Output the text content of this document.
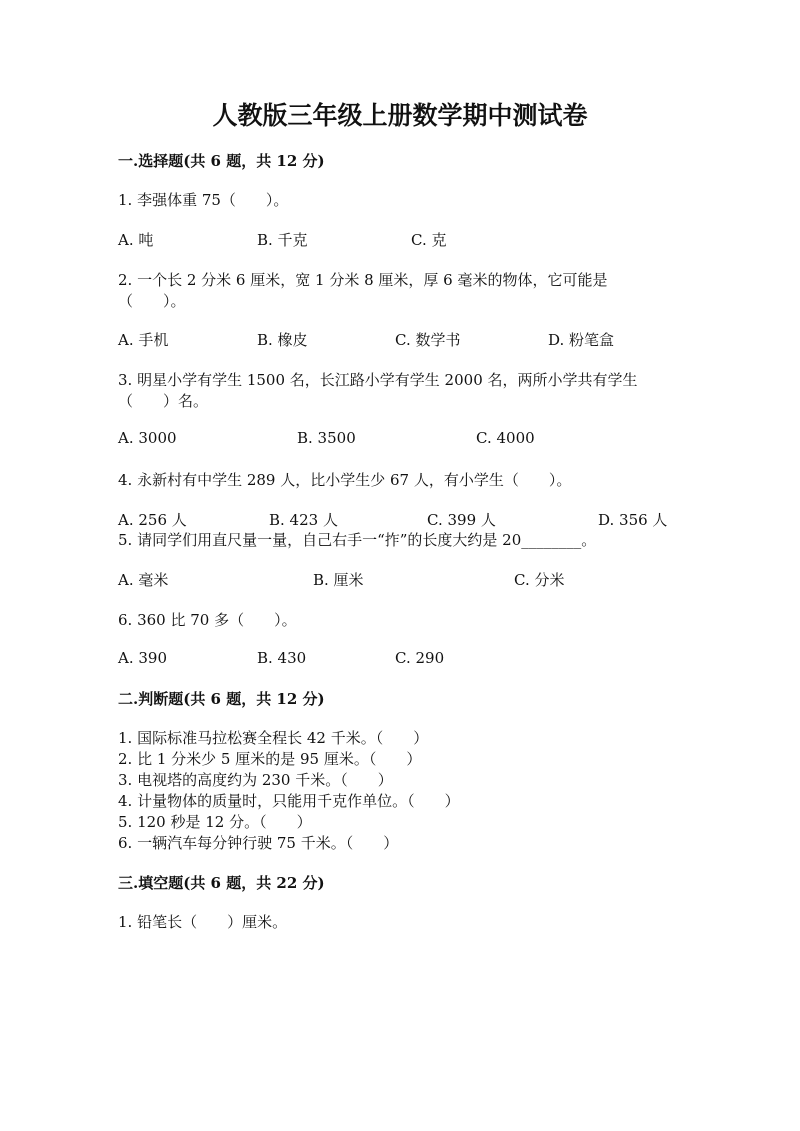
人教版三年级上册数学期中测试卷
一.选择题(共 6 题，共 12 分)
1. 李强体重 75（　　）。
A. 吨	B. 千克	C. 克
2. 一个长 2 分米 6 厘米，宽 1 分米 8 厘米，厚 6 毫米的物体，它可能是
（　　）。
A. 手机	B. 橡皮	C. 数学书	D. 粉笔盒
3. 明星小学有学生 1500 名，长江路小学有学生 2000 名，两所小学共有学生
（　　）名。
A. 3000	B. 3500	C. 4000
4. 永新村有中学生 289 人，比小学生少 67 人，有小学生（　　）。
A. 256 人	B. 423 人	C. 399 人	D. 356 人
5. 请同学们用直尺量一量，自己右手一“拃”的长度大约是 20________。
A. 毫米	B. 厘米	C. 分米
6. 360 比 70 多（　　）。
A. 390	B. 430	C. 290
二.判断题(共 6 题，共 12 分)
1. 国际标准马拉松赛全程长 42 千米。（　　）
2. 比 1 分米少 5 厘米的是 95 厘米。（　　）
3. 电视塔的高度约为 230 千米。（　　）
4. 计量物体的质量时，只能用千克作单位。（　　）
5. 120 秒是 12 分。（　　）
6. 一辆汽车每分钟行驶 75 千米。（　　）
三.填空题(共 6 题，共 22 分)
1. 铅笔长（　　）厘米。
